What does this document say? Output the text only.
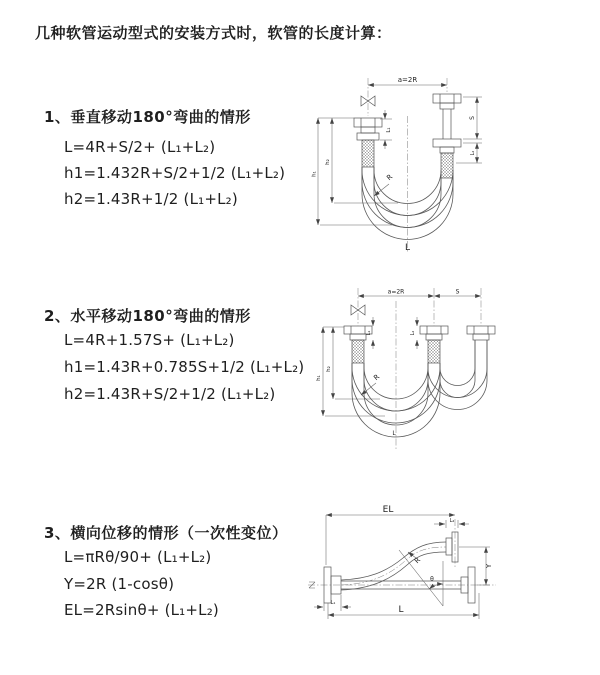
几种软管运动型式的安装方式时，软管的长度计算：
1、垂直移动180°弯曲的情形
L=4R+S/2+ (L₁+L₂)
h1=1.432R+S/2+1/2 (L₁+L₂)
h2=1.43R+1/2 (L₁+L₂)
2、水平移动180°弯曲的情形
L=4R+1.57S+ (L₁+L₂)
h1=1.43R+0.785S+1/2 (L₁+L₂)
h2=1.43R+S/2+1/2 (L₁+L₂)
3、横向位移的情形（一次性变位）
L=πRθ/90+ (L₁+L₂)
Y=2R (1-cosθ)
EL=2Rsinθ+ (L₁+L₂)
a=2R
L₁
S
L₂
h₂
h₁	R
L
a=2R	S
L₁	L₂
h₂
h₁	R
L
EL
L₂
L₁
Y
θ
R
L
